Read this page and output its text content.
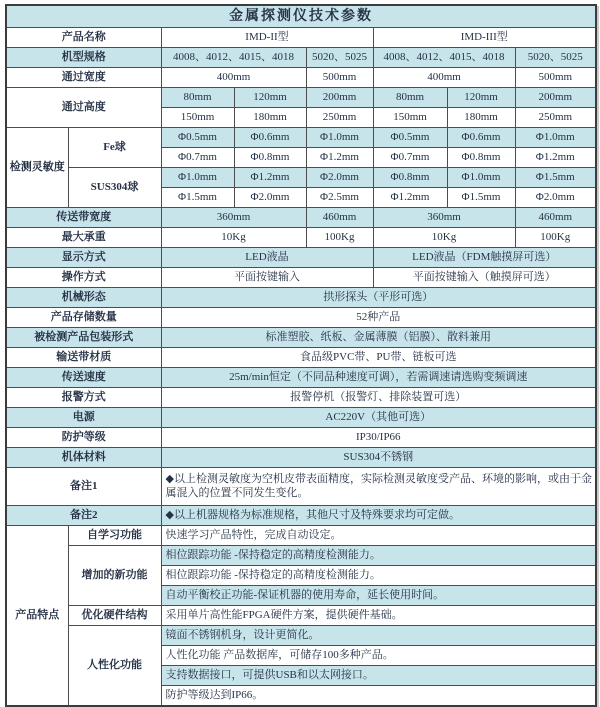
金属探测仪技术参数							
产品名称		IMD-II型			IMD-III型		
机型规格		4008、4012、4015、4018		5020、5025	4008、4012、4015、4018		5020、5025
通过宽度		400mm		500mm	400mm		500mm
通过高度		80mm	120mm	200mm	80mm	120mm	200mm
		150mm	180mm	250mm	150mm	180mm	250mm
检测灵敏度	Fe球	Φ0.5mm	Φ0.6mm	Φ1.0mm	Φ0.5mm	Φ0.6mm	Φ1.0mm
		Φ0.7mm	Φ0.8mm	Φ1.2mm	Φ0.7mm	Φ0.8mm	Φ1.2mm
	SUS304球	Φ1.0mm	Φ1.2mm	Φ2.0mm	Φ0.8mm	Φ1.0mm	Φ1.5mm
		Φ1.5mm	Φ2.0mm	Φ2.5mm	Φ1.2mm	Φ1.5mm	Φ2.0mm
传送带宽度		360mm		460mm	360mm		460mm
最大承重		10Kg		100Kg	10Kg		100Kg
显示方式		LED液晶			LED液晶（FDM触摸屏可选）		
操作方式		平面按键输入			平面按键输入（触摸屏可选）		
机械形态		拱形探头（平形可选）					
产品存储数量		52种产品					
被检测产品包装形式		标准塑胶、纸板、金属薄膜（铝膜）、散料兼用					
输送带材质		食品级PVC带、PU带、链板可选					
传送速度		25m/min恒定（不同品种速度可调），若需调速请选购变频调速					
报警方式		报警停机（报警灯、排除装置可选）					
电源		AC220V（其他可选）					
防护等级		IP30/IP66					
机体材料		SUS304不锈钢					
备注1		◆以上检测灵敏度为空机皮带表面精度，实际检测灵敏度受产品、环境的影响，或由于金属混入的位置不同发生变化。					
备注2		◆以上机器规格为标准规格，其他尺寸及特殊要求均可定做。					
产品特点	自学习功能	快速学习产品特性，完成自动设定。					
	增加的新功能	相位跟踪功能 -保持稳定的高精度检测能力。					
		相位跟踪功能 -保持稳定的高精度检测能力。					
		自动平衡校正功能-保证机器的使用寿命，延长使用时间。					
	优化硬件结构	采用单片高性能FPGA硬件方案，提供硬件基础。					
	人性化功能	镜面不锈钢机身，设计更简化。					
		人性化功能 产品数据库，可储存100多种产品。					
		支持数据接口，可提供USB和以太网接口。					
		防护等级达到IP66。					
